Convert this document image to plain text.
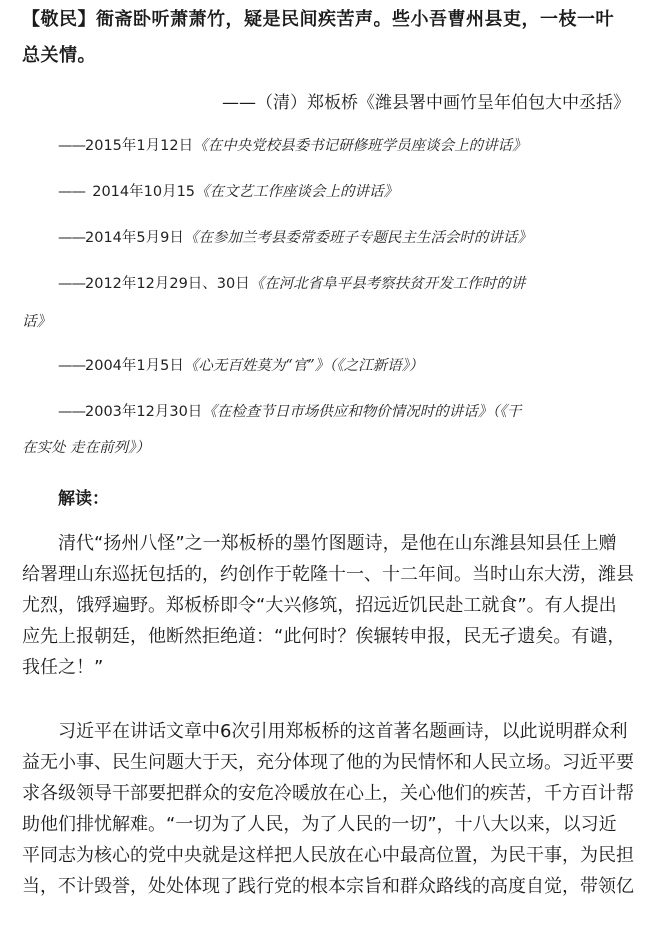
【敬民】衙斋卧听萧萧竹，疑是民间疾苦声。些小吾曹州县吏，一枝一叶
总关情。
——（清）郑板桥《潍县署中画竹呈年伯包大中丞括》
——2015年1月12日《在中央党校县委书记研修班学员座谈会上的讲话》
——  2014年10月15《在文艺工作座谈会上的讲话》
——2014年5月9日《在参加兰考县委常委班子专题民主生活会时的讲话》
——2012年12月29日、30日《在河北省阜平县考察扶贫开发工作时的讲
话》
——2004年1月5日《心无百姓莫为“官”》（《之江新语》）
——2003年12月30日《在检查节日市场供应和物价情况时的讲话》（《干
在实处 走在前列》）
解读：
　　清代“扬州八怪”之一郑板桥的墨竹图题诗，是他在山东潍县知县任上赠
给署理山东巡抚包括的，约创作于乾隆十一、十二年间。当时山东大涝，潍县
尤烈，饿殍遍野。郑板桥即令“大兴修筑，招远近饥民赴工就食”。有人提出
应先上报朝廷，他断然拒绝道：“此何时？俟辗转申报，民无孑遗矣。有谴，
我任之！”
　　习近平在讲话文章中6次引用郑板桥的这首著名题画诗，以此说明群众利
益无小事、民生问题大于天，充分体现了他的为民情怀和人民立场。习近平要
求各级领导干部要把群众的安危冷暖放在心上，关心他们的疾苦，千方百计帮
助他们排忧解难。“一切为了人民，为了人民的一切”，十八大以来，以习近
平同志为核心的党中央就是这样把人民放在心中最高位置，为民干事，为民担
当，不计毁誉，处处体现了践行党的根本宗旨和群众路线的高度自觉，带领亿
